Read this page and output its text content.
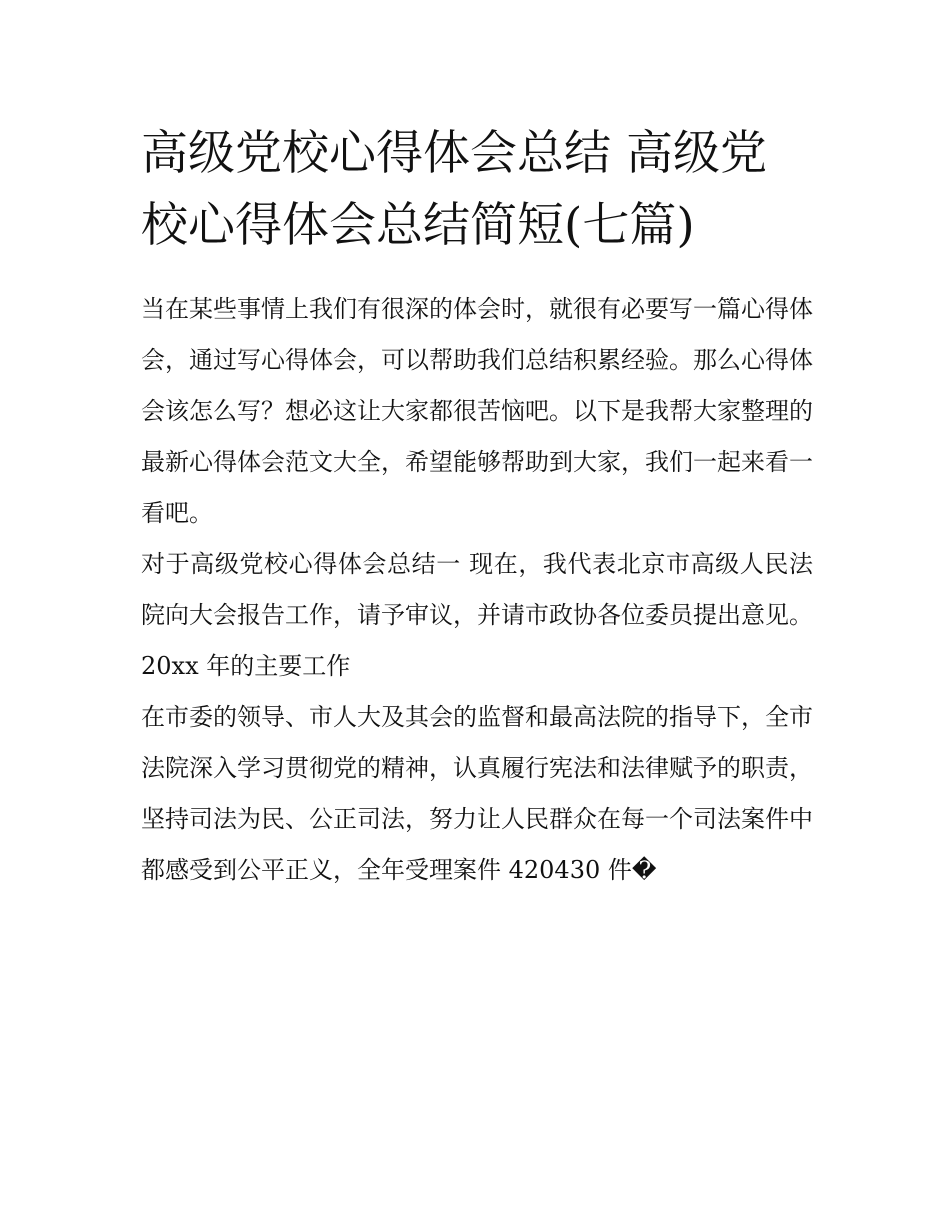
高级党校心得体会总结 高级党校心得体会总结简短(七篇)

当在某些事情上我们有很深的体会时，就很有必要写一篇心得体会，通过写心得体会，可以帮助我们总结积累经验。那么心得体会该怎么写？想必这让大家都很苦恼吧。以下是我帮大家整理的最新心得体会范文大全，希望能够帮助到大家，我们一起来看一看吧。

对于高级党校心得体会总结一 现在，我代表北京市高级人民法院向大会报告工作，请予审议，并请市政协各位委员提出意见。 20xx 年的主要工作

在市委的领导、市人大及其会的监督和最高法院的指导下，全市法院深入学习贯彻党的精神，认真履行宪法和法律赋予的职责，坚持司法为民、公正司法，努力让人民群众在每一个司法案件中都感受到公平正义，全年受理案件 420430 件�
